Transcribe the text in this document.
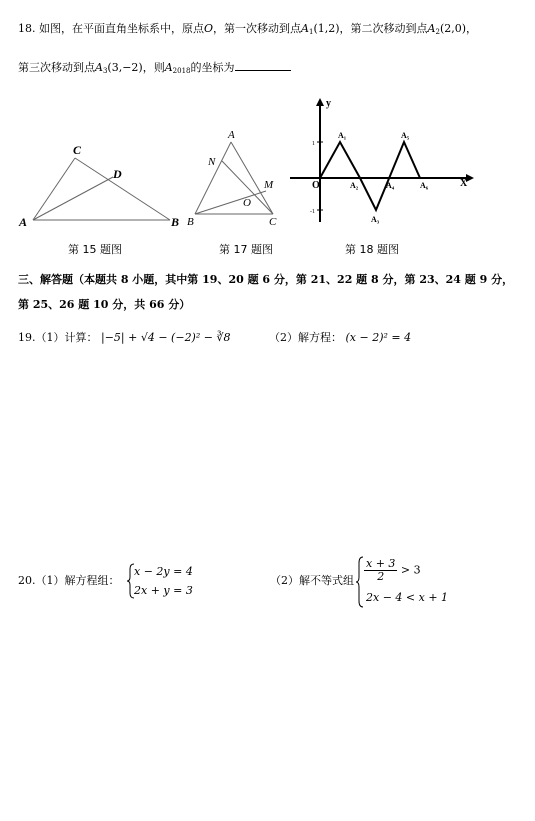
18. 如图，在平面直角坐标系中，原点O，第一次移动到点$A_1(1,2)$，第二次移动到点$A_2(2,0)$，
第三次移动到点$A_3(3,-2)$，则$A_{2018}$的坐标为
A
C
D
B
第 15 题图
A
N
M
O
B	C
第 17 题图
1
-1
y
X
O
A₁
A₂
A₃
A₄
A₅
A₆
第 18 题图
三、解答题（本题共 8 小题，其中第 19、20 题 6 分，第 21、22 题 8 分，第 23、24 题 9 分，
第 25、26 题 10 分，共 66 分）
19.（1）计算： |−5| + √4 − (−2)² − ∛8	（2）解方程： (x − 2)² = 4
20.（1）解方程组：
x − 2y = 4
2x + y = 3
（2）解不等式组 $\frac{x + 3}{2} > 3$
2x − 4 < x + 1
